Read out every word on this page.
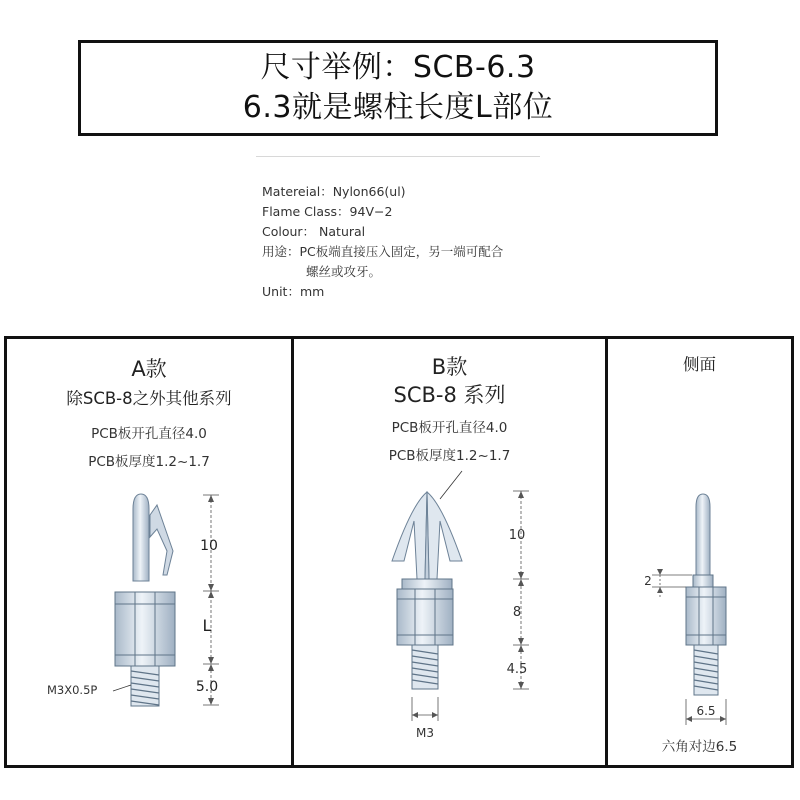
尺寸举例：SCB-6.3
6.3就是螺柱长度L部位
Matereial：Nylon66(ul)
Flame Class：94V−2
Colour： Natural
用途：PC板端直接压入固定，另一端可配合
螺丝或攻牙。
Unit：mm
A款
除SCB-8之外其他系列
PCB板开孔直径4.0
PCB板厚度1.2~1.7
B款
SCB-8 系列
PCB板开孔直径4.0
PCB板厚度1.2~1.7
侧面
六角对边6.5
10
L
5.0
M3X0.5P
10
8
4.5
M3
2
6.5
